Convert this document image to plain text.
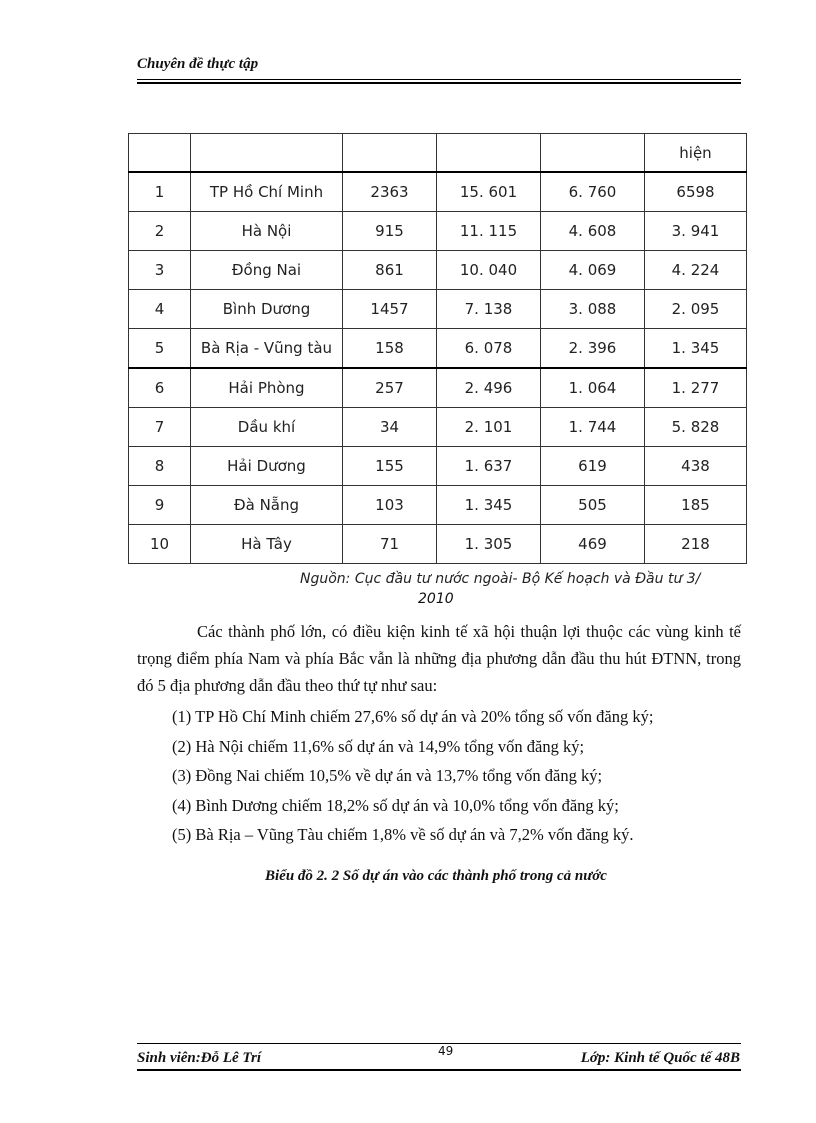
Chuyên đề thực tập
					hiện
1	TP Hồ Chí Minh	2363	15. 601	6. 760	6598
2	Hà Nội	915	11. 115	4. 608	3. 941
3	Đồng Nai	861	10. 040	4. 069	4. 224
4	Bình Dương	1457	7. 138	3. 088	2. 095
5	Bà Rịa - Vũng tàu	158	6. 078	2. 396	1. 345
6	Hải Phòng	257	2. 496	1. 064	1. 277
7	Dầu khí	34	2. 101	1. 744	5. 828
8	Hải Dương	155	1. 637	619	438
9	Đà Nẵng	103	1. 345	505	185
10	Hà Tây	71	1. 305	469	218
Nguồn: Cục đầu tư nước ngoài- Bộ Kế hoạch và Đầu tư 3/
2010
Các thành phố lớn, có điều kiện kinh tế xã hội thuận lợi thuộc các vùng kinh tế trọng điểm phía Nam và phía Bắc vẫn là những địa phương dẫn đầu thu hút ĐTNN, trong đó 5 địa phương dẫn đầu theo thứ tự như sau:
(1) TP Hồ Chí Minh chiếm 27,6% số dự án và 20% tổng số vốn đăng ký;
(2) Hà Nội chiếm 11,6% số dự án và 14,9% tổng vốn đăng ký;
(3) Đồng Nai chiếm 10,5% về dự án và 13,7% tổng vốn đăng ký;
(4) Bình Dương chiếm 18,2% số dự án và 10,0% tổng vốn đăng ký;
(5) Bà Rịa – Vũng Tàu chiếm 1,8% về số dự án và 7,2% vốn đăng ký.
Biểu đồ 2. 2 Số dự án vào các thành phố trong cả nước
Sinh viên:Đỗ Lê Trí	49	Lớp: Kinh tế Quốc tế 48B
